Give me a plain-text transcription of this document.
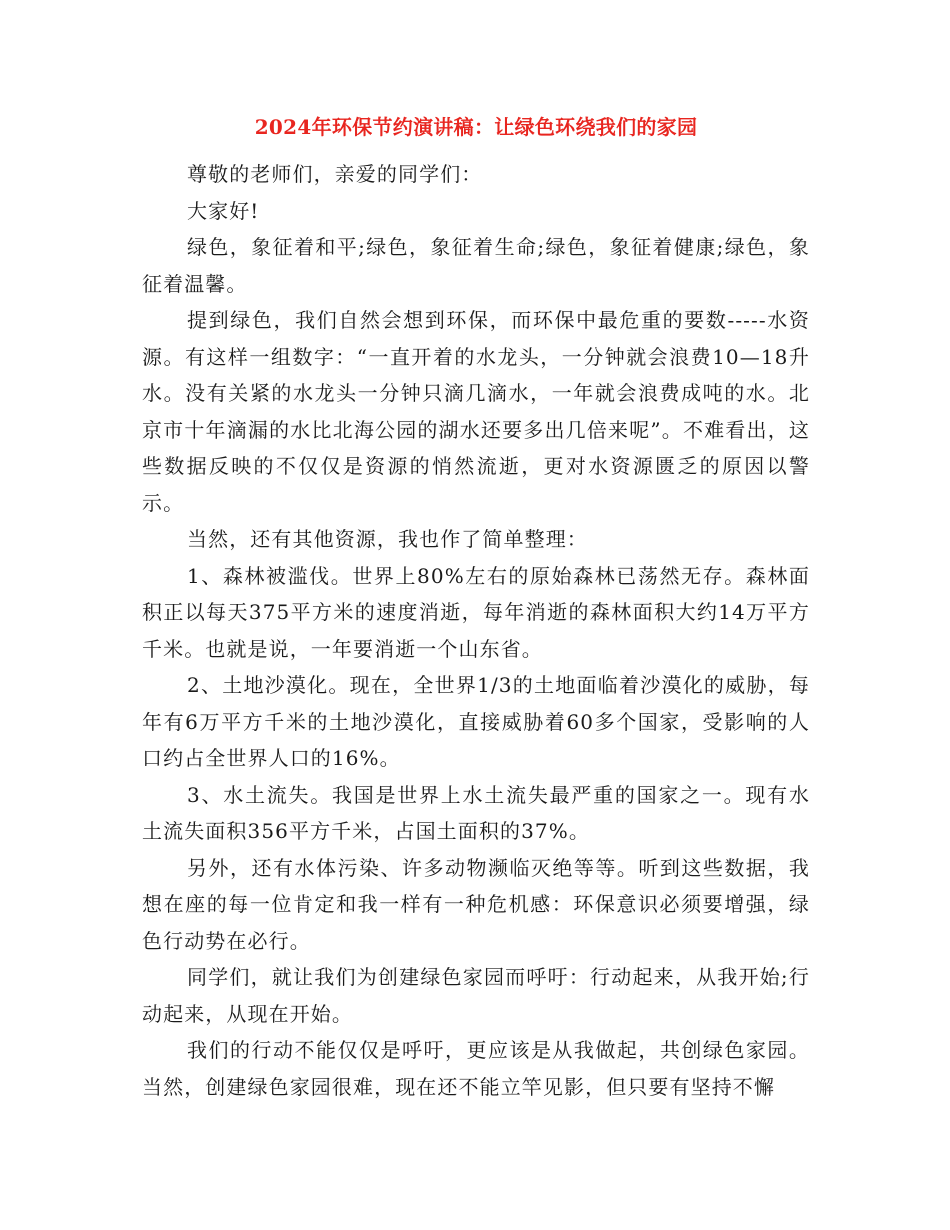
2024年环保节约演讲稿：让绿色环绕我们的家园

尊敬的老师们，亲爱的同学们：

大家好!

绿色，象征着和平;绿色，象征着生命;绿色，象征着健康;绿色，象征着温馨。

提到绿色，我们自然会想到环保，而环保中最危重的要数-----水资源。有这样一组数字：“一直开着的水龙头，一分钟就会浪费10—18升水。没有关紧的水龙头一分钟只滴几滴水，一年就会浪费成吨的水。北京市十年滴漏的水比北海公园的湖水还要多出几倍来呢”。不难看出，这些数据反映的不仅仅是资源的悄然流逝，更对水资源匮乏的原因以警示。

当然，还有其他资源，我也作了简单整理：

1、森林被滥伐。世界上80%左右的原始森林已荡然无存。森林面积正以每天375平方米的速度消逝，每年消逝的森林面积大约14万平方千米。也就是说，一年要消逝一个山东省。

2、土地沙漠化。现在，全世界1/3的土地面临着沙漠化的威胁，每年有6万平方千米的土地沙漠化，直接威胁着60多个国家，受影响的人口约占全世界人口的16%。

3、水土流失。我国是世界上水土流失最严重的国家之一。现有水土流失面积356平方千米，占国土面积的37%。

另外，还有水体污染、许多动物濒临灭绝等等。听到这些数据，我想在座的每一位肯定和我一样有一种危机感：环保意识必须要增强，绿色行动势在必行。

同学们，就让我们为创建绿色家园而呼吁：行动起来，从我开始;行动起来，从现在开始。

我们的行动不能仅仅是呼吁，更应该是从我做起，共创绿色家园。当然，创建绿色家园很难，现在还不能立竿见影，但只要有坚持不懈
